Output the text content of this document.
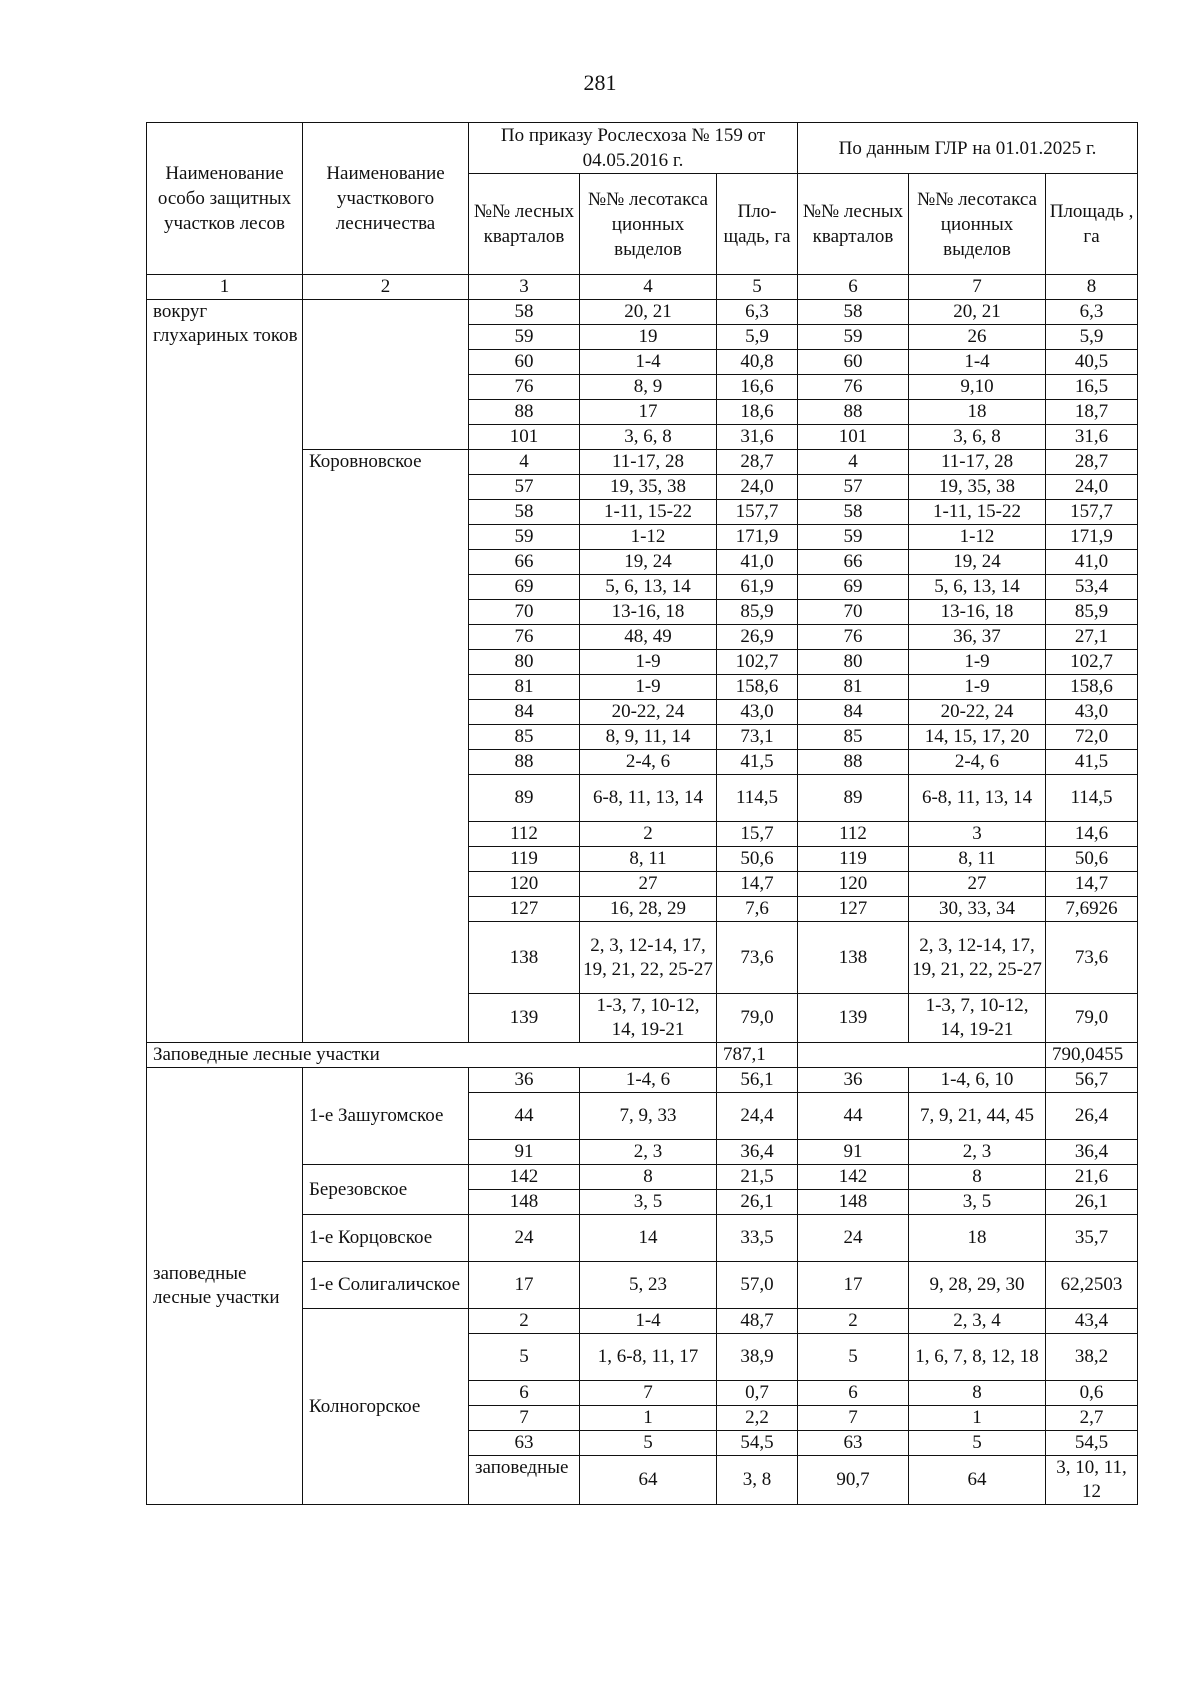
281
Наименование особо защитных участков лесов	Наименование участкового лесничества	По приказу Рослесхоза № 159 от 04.05.2016 г.			По данным ГЛР на 01.01.2025 г.			
		№№ лесных кварталов	№№ лесотакса ционных выделов	Пло-щадь, га	№№ лесных кварталов	№№ лесотакса ционных выделов	Площадь , га	
1	2	3	4	5	6	7	8	
вокруг глухариных токов		58	20, 21	6,3	58	20, 21	6,3	
		59	19	5,9	59	26	5,9	
		60	1-4	40,8	60	1-4	40,5	
		76	8, 9	16,6	76	9,10	16,5	
		88	17	18,6	88	18	18,7	
		101	3, 6, 8	31,6	101	3, 6, 8	31,6	
	Коровновское	4	11-17, 28	28,7	4	11-17, 28	28,7	
		57	19, 35, 38	24,0	57	19, 35, 38	24,0	
		58	1-11, 15-22	157,7	58	1-11, 15-22	157,7	
		59	1-12	171,9	59	1-12	171,9	
		66	19, 24	41,0	66	19, 24	41,0	
		69	5, 6, 13, 14	61,9	69	5, 6, 13, 14	53,4	
		70	13-16, 18	85,9	70	13-16, 18	85,9	
		76	48, 49	26,9	76	36, 37	27,1	
		80	1-9	102,7	80	1-9	102,7	
		81	1-9	158,6	81	1-9	158,6	
		84	20-22, 24	43,0	84	20-22, 24	43,0	
		85	8, 9, 11, 14	73,1	85	14, 15, 17, 20	72,0	
		88	2-4, 6	41,5	88	2-4, 6	41,5	
		89	6-8, 11, 13, 14	114,5	89	6-8, 11, 13, 14	114,5	
		112	2	15,7	112	3	14,6	
		119	8, 11	50,6	119	8, 11	50,6	
		120	27	14,7	120	27	14,7	
		127	16, 28, 29	7,6	127	30, 33, 34	7,6926	
		138	2, 3, 12-14, 17, 19, 21, 22, 25-27	73,6	138	2, 3, 12-14, 17, 19, 21, 22, 25-27	73,6	
		139	1-3, 7, 10-12, 14, 19-21	79,0	139	1-3, 7, 10-12, 14, 19-21	79,0	
Заповедные лесные участки				787,1			790,0455	
заповедные лесные участки	1-е Зашугомское	36	1-4, 6	56,1	36	1-4, 6, 10	56,7	
		44	7, 9, 33	24,4	44	7, 9, 21, 44, 45	26,4	
		91	2, 3	36,4	91	2, 3	36,4	
	Березовское	142	8	21,5	142	8	21,6	
		148	3, 5	26,1	148	3, 5	26,1	
	1-е Корцовское	24	14	33,5	24	18	35,7	
	1-е Солигаличское	17	5, 23	57,0	17	9, 28, 29, 30	62,2503	
	Колногорское	2	1-4	48,7	2	2, 3, 4	43,4	
		5	1, 6-8, 11, 17	38,9	5	1, 6, 7, 8, 12, 18	38,2	
		6	7	0,7	6	8	0,6	
		7	1	2,2	7	1	2,7	
		63	5	54,5	63	5	54,5	
		заповедные	64	3, 8	90,7	64	3, 10, 11, 12	
